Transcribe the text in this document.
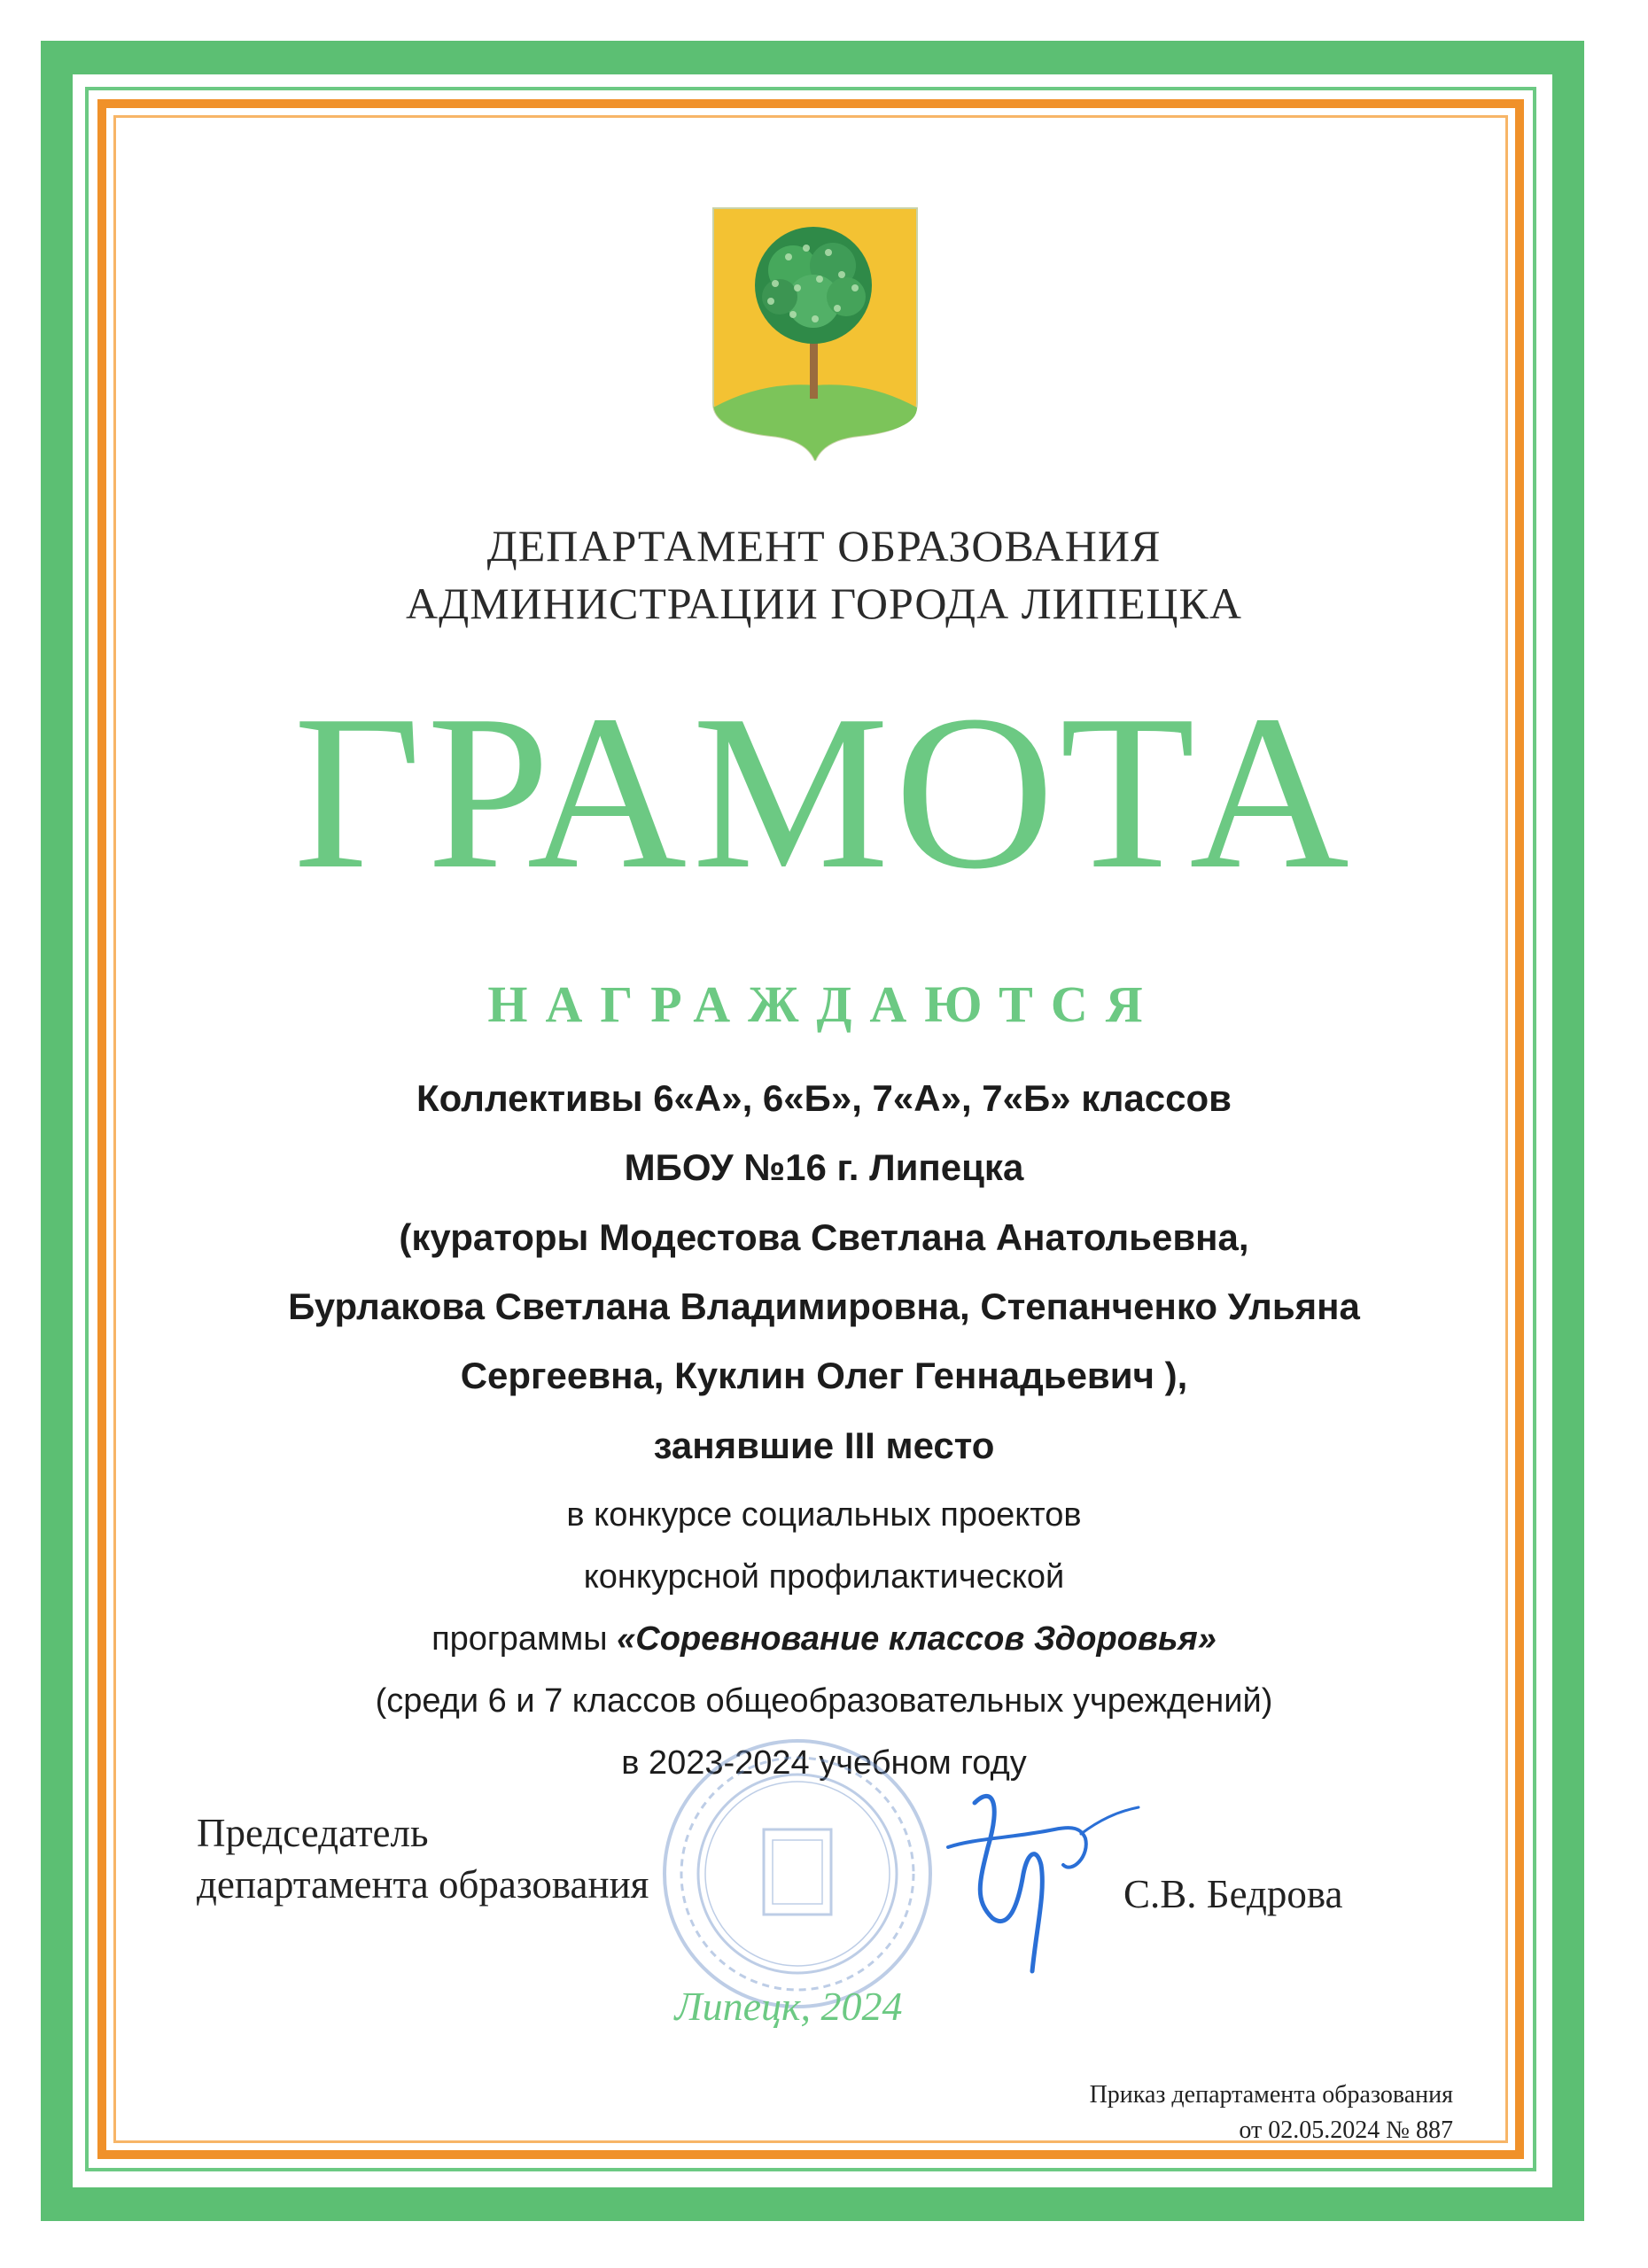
ДЕПАРТАМЕНТ ОБРАЗОВАНИЯ
АДМИНИСТРАЦИИ ГОРОДА ЛИПЕЦКА
ГРАМОТА
НАГРАЖДАЮТСЯ
Коллективы 6«А», 6«Б», 7«А», 7«Б» классов
МБОУ №16 г. Липецка
(кураторы Модестова Светлана Анатольевна,
Бурлакова Светлана Владимировна, Степанченко Ульяна
Сергеевна, Куклин Олег Геннадьевич ),
занявшие III место
в конкурсе социальных проектов
конкурсной профилактической
программы «Соревнование классов Здоровья»
(среди 6 и 7 классов общеобразовательных учреждений)
в 2023-2024 учебном году
Председатель
департамента образования	С.В. Бедрова
Липецк, 2024
Приказ департамента образования
от 02.05.2024 № 887
